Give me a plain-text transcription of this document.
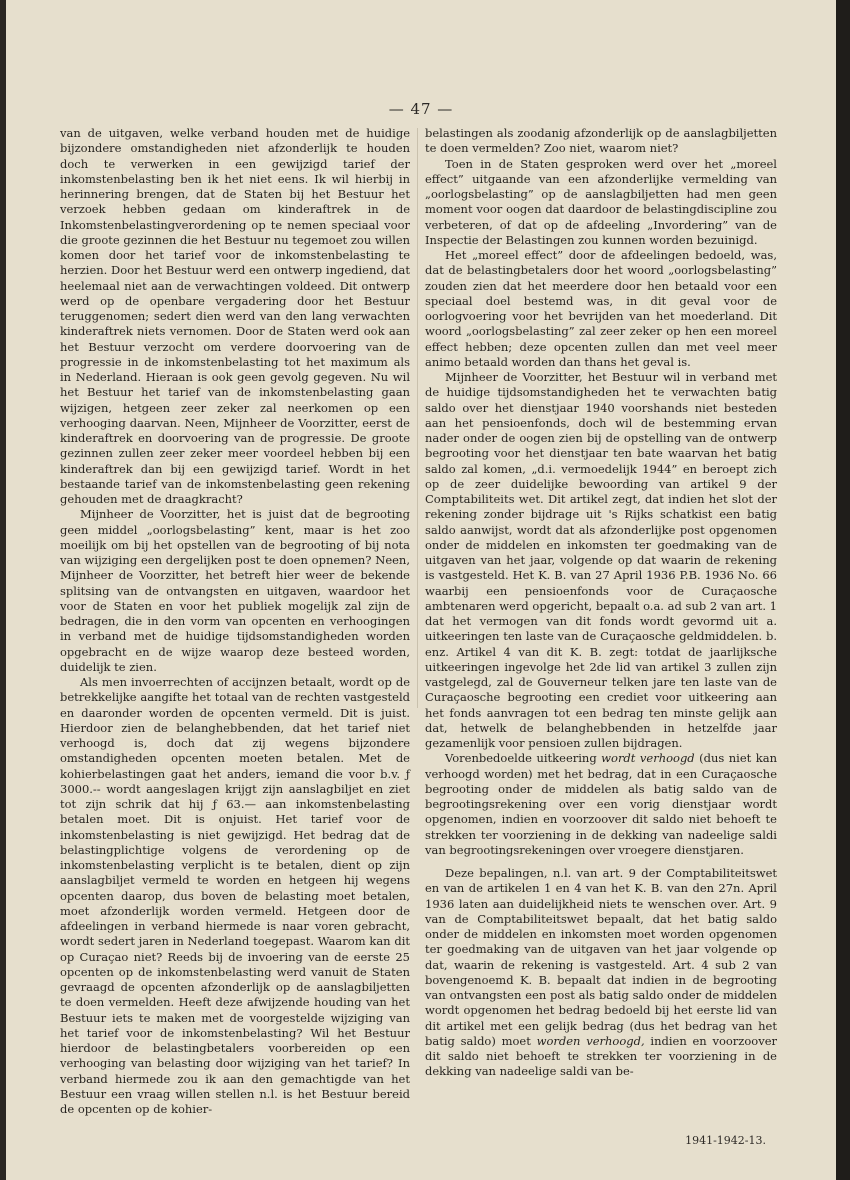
— 47 —

van de uitgaven, welke verband houden met de huidige bijzondere omstandigheden niet afzonderlijk te houden doch te verwerken in een gewijzigd tarief der inkomstenbelasting ben ik het niet eens. Ik wil hierbij in herinnering brengen, dat de Staten bij het Bestuur het verzoek hebben gedaan om kinderaftrek in de Inkomstenbelastingverordening op te nemen speciaal voor die groote gezinnen die het Bestuur nu tegemoet zou willen komen door het tarief voor de inkomstenbelasting te herzien. Door het Bestuur werd een ontwerp ingediend, dat heelemaal niet aan de verwachtingen voldeed. Dit ontwerp werd op de openbare vergadering door het Bestuur teruggenomen; sedert dien werd van den lang verwachten kinderaftrek niets vernomen. Door de Staten werd ook aan het Bestuur verzocht om verdere doorvoering van de progressie in de inkomstenbelasting tot het maximum als in Nederland. Hieraan is ook geen gevolg gegeven. Nu wil het Bestuur het tarief van de inkomstenbelasting gaan wijzigen, hetgeen zeer zeker zal neerkomen op een verhooging daarvan. Neen, Mijnheer de Voorzitter, eerst de kinderaftrek en doorvoering van de progressie. De groote gezinnen zullen zeer zeker meer voordeel hebben bij een kinderaftrek dan bij een gewijzigd tarief. Wordt in het bestaande tarief van de inkomstenbelasting geen rekening gehouden met de draagkracht?

Mijnheer de Voorzitter, het is juist dat de begrooting geen middel „oorlogsbelasting” kent, maar is het zoo moeilijk om bij het opstellen van de begrooting of bij nota van wijziging een dergelijken post te doen opnemen? Neen, Mijnheer de Voorzitter, het betreft hier weer de bekende splitsing van de ontvangsten en uitgaven, waardoor het voor de Staten en voor het publiek mogelijk zal zijn de bedragen, die in den vorm van opcenten en verhoogingen in verband met de huidige tijdsomstandigheden worden opgebracht en de wijze waarop deze besteed worden, duidelijk te zien.

Als men invoerrechten of accijnzen betaalt, wordt op de betrekkelijke aangifte het totaal van de rechten vastgesteld en daaronder worden de opcenten vermeld. Dit is juist. Hierdoor zien de belanghebbenden, dat het tarief niet verhoogd is, doch dat zij wegens bijzondere omstandigheden opcenten moeten betalen. Met de kohierbelastingen gaat het anders, iemand die voor b.v. ƒ 3000.-- wordt aangeslagen krijgt zijn aanslagbiljet en ziet tot zijn schrik dat hij ƒ 63.— aan inkomstenbelasting betalen moet. Dit is onjuist. Het tarief voor de inkomstenbelasting is niet gewijzigd. Het bedrag dat de belastingplichtige volgens de verordening op de inkomstenbelasting verplicht is te betalen, dient op zijn aanslagbiljet vermeld te worden en hetgeen hij wegens opcenten daarop, dus boven de belasting moet betalen, moet afzonderlijk worden vermeld. Hetgeen door de afdeelingen in verband hiermede is naar voren gebracht, wordt sedert jaren in Nederland toegepast. Waarom kan dit op Curaçao niet? Reeds bij de invoering van de eerste 25 opcenten op de inkomstenbelasting werd vanuit de Staten gevraagd de opcenten afzonderlijk op de aanslagbiljetten te doen vermelden. Heeft deze afwijzende houding van het Bestuur iets te maken met de voorgestelde wijziging van het tarief voor de inkomstenbelasting? Wil het Bestuur hierdoor de belastingbetalers voorbereiden op een verhooging van belasting door wijziging van het tarief? In verband hiermede zou ik aan den gemachtigde van het Bestuur een vraag willen stellen n.l. is het Bestuur bereid de opcenten op de kohier-

belastingen als zoodanig afzonderlijk op de aanslagbiljetten te doen vermelden? Zoo niet, waarom niet?

Toen in de Staten gesproken werd over het „moreel effect” uitgaande van een afzonderlijke vermelding van „oorlogsbelasting” op de aanslagbiljetten had men geen moment voor oogen dat daardoor de belastingdiscipline zou verbeteren, of dat op de afdeeling „Invordering” van de Inspectie der Belastingen zou kunnen worden bezuinigd.

Het „moreel effect” door de afdeelingen bedoeld, was, dat de belastingbetalers door het woord „oorlogsbelasting” zouden zien dat het meerdere door hen betaald voor een speciaal doel bestemd was, in dit geval voor de oorlogvoering voor het bevrijden van het moederland. Dit woord „oorlogsbelasting” zal zeer zeker op hen een moreel effect hebben; deze opcenten zullen dan met veel meer animo betaald worden dan thans het geval is.

Mijnheer de Voorzitter, het Bestuur wil in verband met de huidige tijdsomstandigheden het te verwachten batig saldo over het dienstjaar 1940 voorshands niet besteden aan het pensioenfonds, doch wil de bestemming ervan nader onder de oogen zien bij de opstelling van de ontwerp begrooting voor het dienstjaar ten bate waarvan het batig saldo zal komen, „d.i. vermoedelijk 1944” en beroept zich op de zeer duidelijke bewoording van artikel 9 der Comptabiliteits wet. Dit artikel zegt, dat indien het slot der rekening zonder bijdrage uit 's Rijks schatkist een batig saldo aanwijst, wordt dat als afzonderlijke post opgenomen onder de middelen en inkomsten ter goedmaking van de uitgaven van het jaar, volgende op dat waarin de rekening is vastgesteld. Het K. B. van 27 April 1936 P.B. 1936 No. 66 waarbij een pensioenfonds voor de Curaçaosche ambtenaren werd opgericht, bepaalt o.a. ad sub 2 van art. 1 dat het vermogen van dit fonds wordt gevormd uit a. uitkeeringen ten laste van de Curaçaosche geldmiddelen. b. enz. Artikel 4 van dit K. B. zegt: totdat de jaarlijksche uitkeeringen ingevolge het 2de lid van artikel 3 zullen zijn vastgelegd, zal de Gouverneur telken jare ten laste van de Curaçaosche begrooting een crediet voor uitkeering aan het fonds aanvragen tot een bedrag ten minste gelijk aan dat, hetwelk de belanghebbenden in hetzelfde jaar gezamenlijk voor pensioen zullen bijdragen.

Vorenbedoelde uitkeering wordt verhoogd (dus niet kan verhoogd worden) met het bedrag, dat in een Curaçaosche begrooting onder de middelen als batig saldo van de begrootingsrekening over een vorig dienstjaar wordt opgenomen, indien en voorzoover dit saldo niet behoeft te strekken ter voorziening in de dekking van nadeelige saldi van begrootingsrekeningen over vroegere dienstjaren.

Deze bepalingen, n.l. van art. 9 der Comptabiliteitswet en van de artikelen 1 en 4 van het K. B. van den 27n. April 1936 laten aan duidelijkheid niets te wenschen over. Art. 9 van de Comptabiliteitswet bepaalt, dat het batig saldo onder de middelen en inkomsten moet worden opgenomen ter goedmaking van de uitgaven van het jaar volgende op dat, waarin de rekening is vastgesteld. Art. 4 sub 2 van bovengenoemd K. B. bepaalt dat indien in de begrooting van ontvangsten een post als batig saldo onder de middelen wordt opgenomen het bedrag bedoeld bij het eerste lid van dit artikel met een gelijk bedrag (dus het bedrag van het batig saldo) moet worden verhoogd, indien en voorzoover dit saldo niet behoeft te strekken ter voorziening in de dekking van nadeelige saldi van be-

1941-1942-13.
